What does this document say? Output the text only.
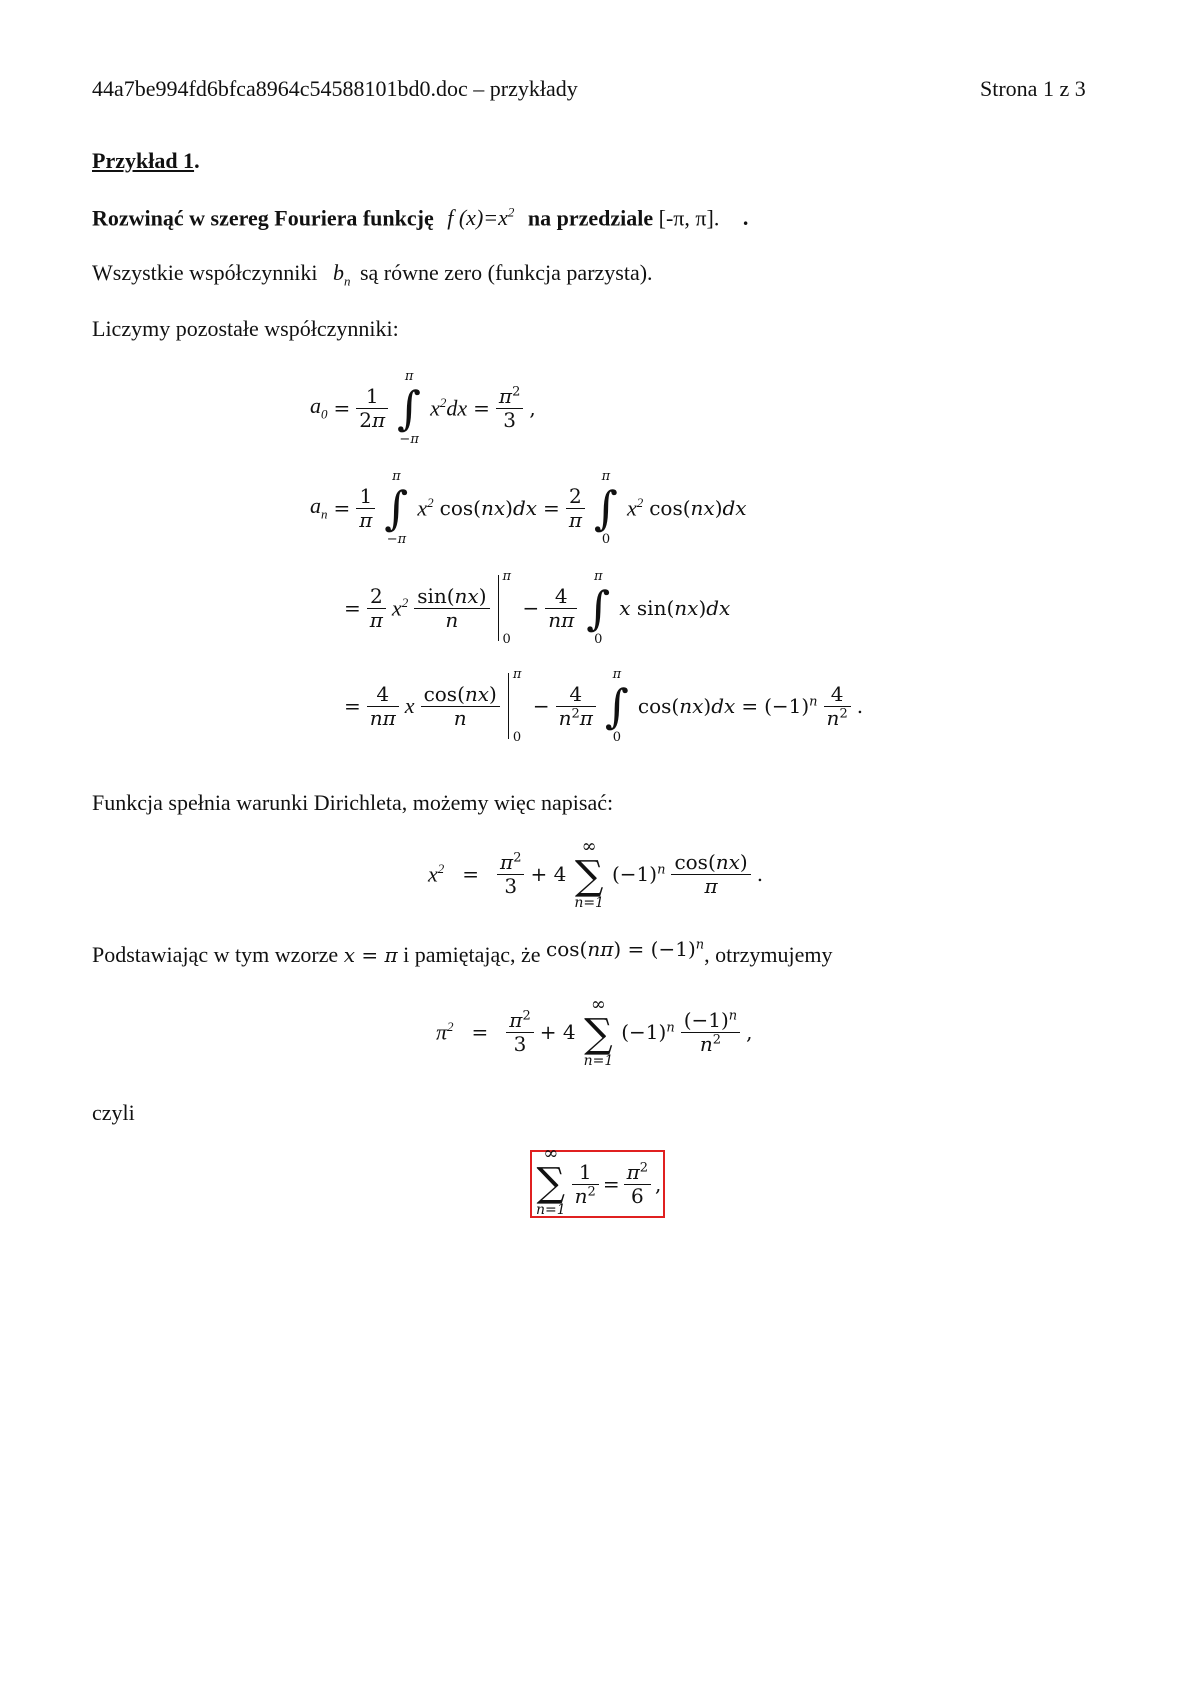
44a7be994fd6bfca8964c54588101bd0.doc – przykłady	Strona 1 z 3
Przykład 1.
Rozwinąć w szereg Fouriera funkcję f $(x)=x^2$ na przedziale [-π, π]. .
Wszystkie współczynniki $b_n$ są równe zero (funkcja parzysta).
Liczymy pozostałe współczynniki:
$a_0 = \frac{1}{2\pi}$
π
∫
−π
$x^2dx = \frac{\pi^2}{3}$ ,
$a_n = \frac{1}{\pi}$
π
∫
−π
$x^2$ $\cos(nx)dx = \frac{2}{\pi}$
π
∫
0
$x^2$ cos(nx)dx
= $\frac{2}{\pi} x^2 \frac{\sin(nx)}{n}$
π
0
− $\frac{4}{n\pi}$
π
∫
0
x sin(nx)dx
= $\frac{4}{n\pi}$ x $\frac{\cos(nx)}{n}$
π
0
− $\frac{4}{n^2\pi}$
π
∫
0
$\cos(nx)dx = (-1)^n \frac{4}{n^2}$ .
Funkcja spełnia warunki Dirichleta, możemy więc napisać:
$x^2 = \frac{\pi^2}{3} + 4$
∞
∑
n=1
$(-1)^n \frac{\cos(nx)}{\pi}$ .
Podstawiając w tym wzorze x = π i pamiętając, że $\cos(n\pi) = (-1)^n$, otrzymujemy
$\pi^2 = \frac{\pi^2}{3} + 4$
∞
∑
n=1
$(-1)^n \frac{(-1)^n}{n^2}$ ,
czyli
∞
∑
n=1
$\frac{1}{n^2} = \frac{\pi^2}{6}$ ,
